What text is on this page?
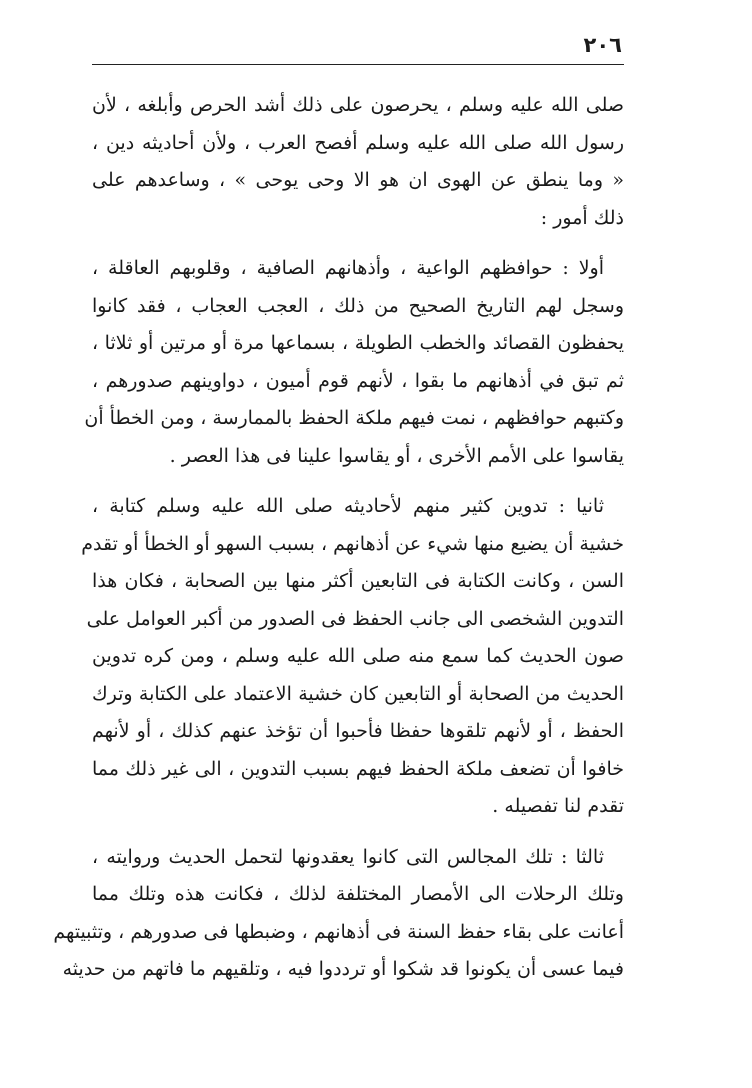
٢٠٦
صلى الله عليه وسلم ، يحرصون على ذلك أشد الحرص وأبلغه ، لأن
رسول الله صلى الله عليه وسلم أفصح العرب ، ولأن أحاديثه دين ،
« وما ينطق عن الهوى ان هو الا وحى يوحى » ، وساعدهم على
ذلك أمور :
أولا : حوافظهم الواعية ، وأذهانهم الصافية ، وقلوبهم العاقلة ،
وسجل لهم التاريخ الصحيح من ذلك ، العجب العجاب ، فقد كانوا
يحفظون القصائد والخطب الطويلة ، بسماعها مرة أو مرتين أو ثلاثا ،
ثم تبق في أذهانهم ما بقوا ، لأنهم قوم أميون ، دواوينهم صدورهم ،
وكتبهم حوافظهم ، نمت فيهم ملكة الحفظ بالممارسة ، ومن الخطأ أن
يقاسوا على الأمم الأخرى ، أو يقاسوا علينا فى هذا العصر .
ثانيا : تدوين كثير منهم لأحاديثه صلى الله عليه وسلم كتابة ،
خشية أن يضيع منها شيء عن أذهانهم ، بسبب السهو أو الخطأ أو تقدم
السن ، وكانت الكتابة فى التابعين أكثر منها بين الصحابة ، فكان هذا
التدوين الشخصى الى جانب الحفظ فى الصدور من أكبر العوامل على
صون الحديث كما سمع منه صلى الله عليه وسلم ، ومن كره تدوين
الحديث من الصحابة أو التابعين كان خشية الاعتماد على الكتابة وترك
الحفظ ، أو لأنهم تلقوها حفظا فأحبوا أن تؤخذ عنهم كذلك ، أو لأنهم
خافوا أن تضعف ملكة الحفظ فيهم بسبب التدوين ، الى غير ذلك مما
تقدم لنا تفصيله .
ثالثا : تلك المجالس التى كانوا يعقدونها لتحمل الحديث وروايته ،
وتلك الرحلات الى الأمصار المختلفة لذلك ، فكانت هذه وتلك مما
أعانت على بقاء حفظ السنة فى أذهانهم ، وضبطها فى صدورهم ، وتثبيتهم
فيما عسى أن يكونوا قد شكوا أو ترددوا فيه ، وتلقيهم ما فاتهم من حديثه
